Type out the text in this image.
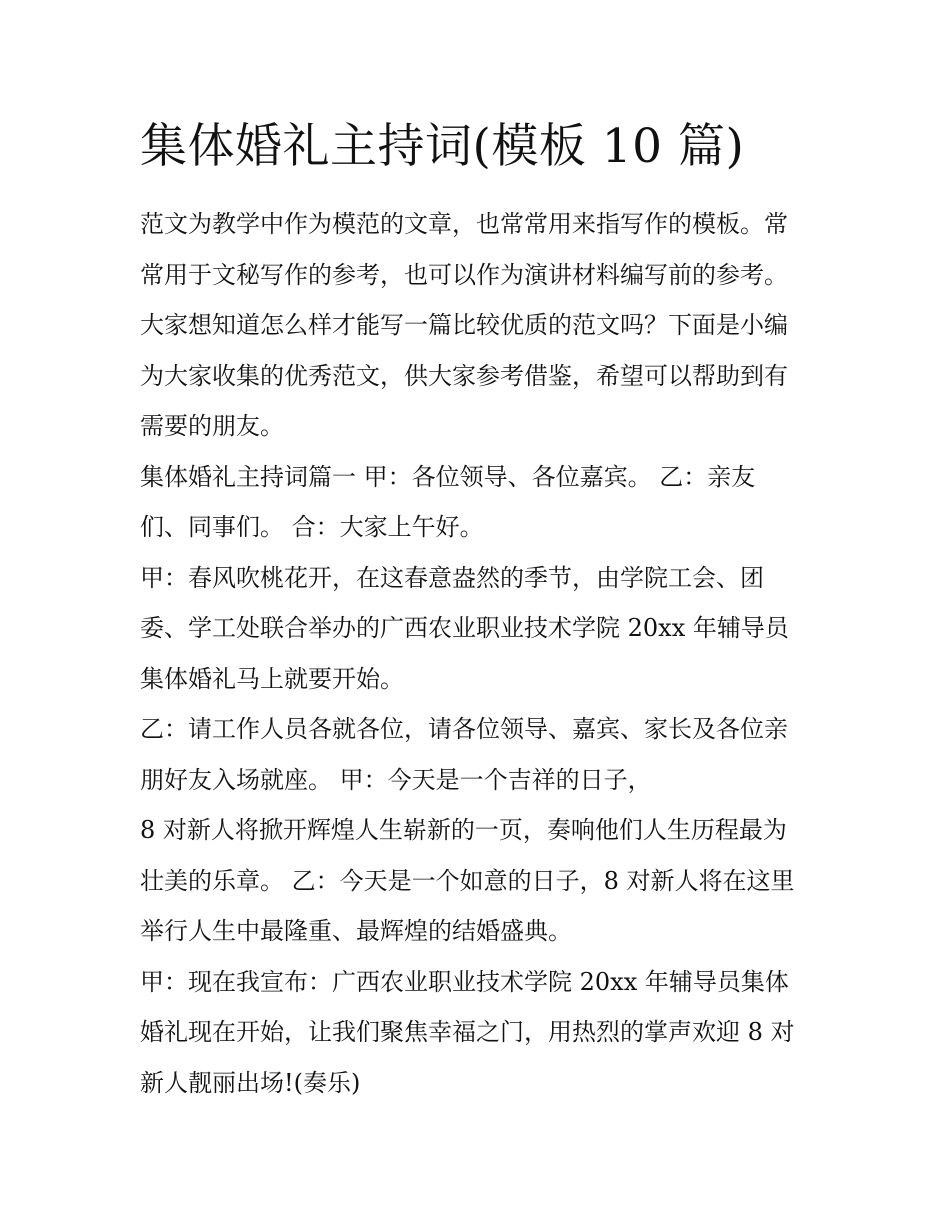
集体婚礼主持词(模板 10 篇)
范文为教学中作为模范的文章，也常常用来指写作的模板。常
常用于文秘写作的参考，也可以作为演讲材料编写前的参考。
大家想知道怎么样才能写一篇比较优质的范文吗？下面是小编
为大家收集的优秀范文，供大家参考借鉴，希望可以帮助到有
需要的朋友。
集体婚礼主持词篇一 甲：各位领导、各位嘉宾。 乙：亲友
们、同事们。 合：大家上午好。
甲：春风吹桃花开，在这春意盎然的季节，由学院工会、团
委、学工处联合举办的广西农业职业技术学院 20xx 年辅导员
集体婚礼马上就要开始。
乙：请工作人员各就各位，请各位领导、嘉宾、家长及各位亲
朋好友入场就座。 甲：今天是一个吉祥的日子，
8 对新人将掀开辉煌人生崭新的一页，奏响他们人生历程最为
壮美的乐章。 乙：今天是一个如意的日子，8 对新人将在这里
举行人生中最隆重、最辉煌的结婚盛典。
甲：现在我宣布：广西农业职业技术学院 20xx 年辅导员集体
婚礼现在开始，让我们聚焦幸福之门，用热烈的掌声欢迎 8 对
新人靓丽出场!(奏乐)
